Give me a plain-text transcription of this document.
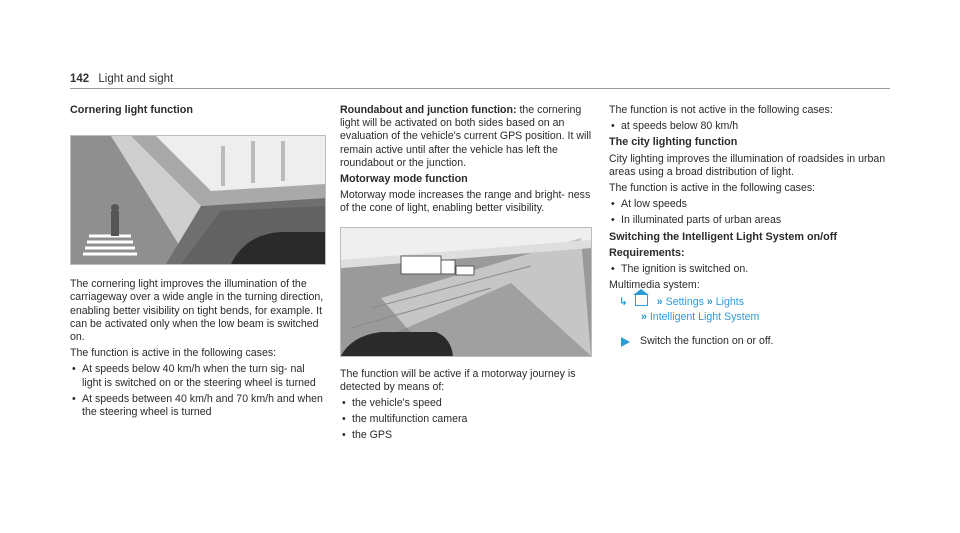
142 Light and sight
Cornering light function

The cornering light improves the illumination of the carriageway over a wide angle in the turning direction, enabling better visibility on tight bends, for example. It can be activated only when the low beam is switched on.

The function is active in the following cases:

• At speeds below 40 km/h when the turn sig- nal light is switched on or the steering wheel is turned
• At speeds between 40 km/h and 70 km/h and when the steering wheel is turned

Roundabout and junction function: the cornering light will be activated on both sides based on an evaluation of the vehicle's current GPS position. It will remain active until after the vehicle has left the roundabout or the junction.

Motorway mode function

Motorway mode increases the range and bright- ness of the cone of light, enabling better visibility.

The function will be active if a motorway journey is detected by means of:

• the vehicle's speed
• the multifunction camera
• the GPS

The function is not active in the following cases:

• at speeds below 80 km/h
The city lighting function

City lighting improves the illumination of roadsides in urban areas using a broad distribution of light.

The function is active in the following cases:

• At low speeds
• In illuminated parts of urban areas
Switching the Intelligent Light System on/off
Requirements:
• The ignition is switched on.

Multimedia system:

↳	» Settings » Lights
» Intelligent Light System
Switch the function on or off.
